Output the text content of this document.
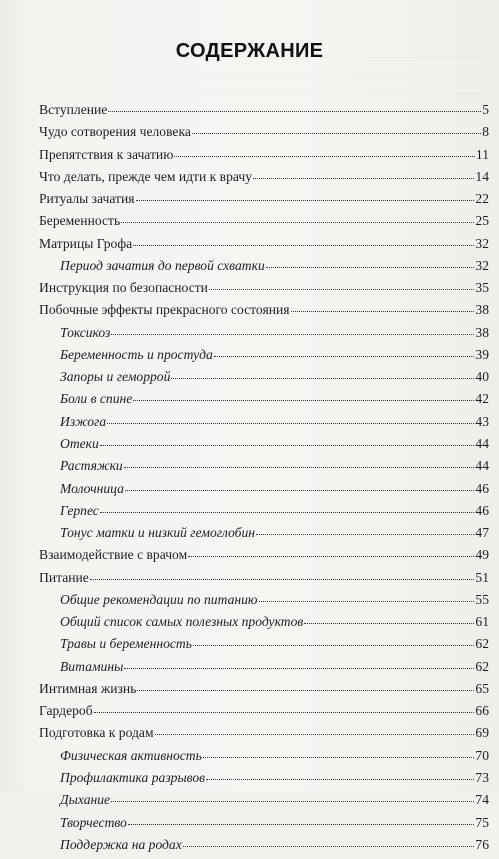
СОДЕРЖАНИЕ
Вступление	5
Чудо сотворения человека	8
Препятствия к зачатию	11
Что делать, прежде чем идти к врачу	14
Ритуалы зачатия	22
Беременность	25
Матрицы Грофа	32
Период зачатия до первой схватки	32
Инструкция по безопасности	35
Побочные эффекты прекрасного состояния	38
Токсикоз	38
Беременность и простуда	39
Запоры и геморрой	40
Боли в спине	42
Изжога	43
Отеки	44
Растяжки	44
Молочница	46
Герпес	46
Тонус матки и низкий гемоглобин	47
Взаимодействие с врачом	49
Питание	51
Общие рекомендации по питанию	55
Общий список самых полезных продуктов	61
Травы и беременность	62
Витамины	62
Интимная жизнь	65
Гардероб	66
Подготовка к родам	69
Физическая активность	70
Профилактика разрывов	73
Дыхание	74
Творчество	75
Поддержка на родах	76
· · ·
